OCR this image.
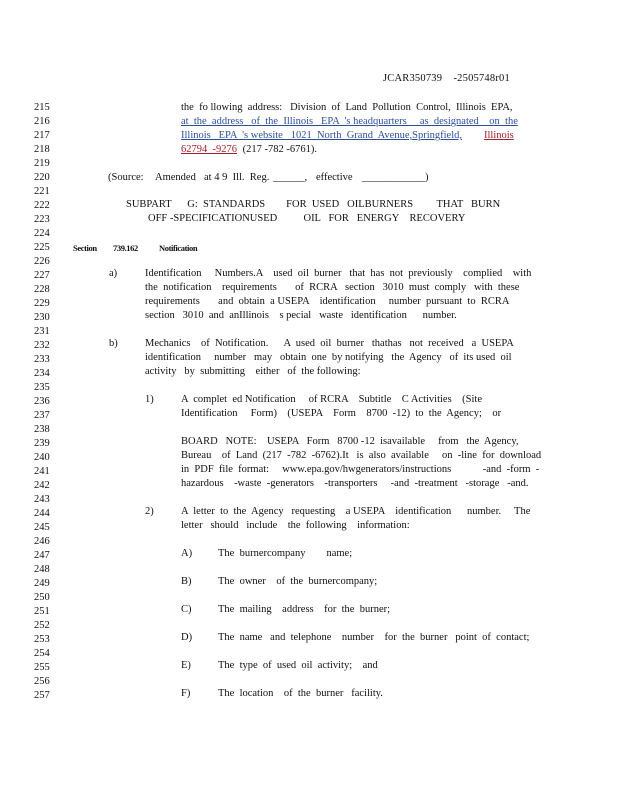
JCAR350739    -2505748r01
215
216
217
218
219
220
221
222
223
224
225
226
227
228
229
230
231
232
233
234
235
236
237
238
239
240
241
242
243
244
245
246
247
248
249
250
251
252
253
254
255
256
257
the  fo llowing  address:   Division  of  Land  Pollution  Control,  Illinois  EPA,
at  the  address   of  the  Illinois   EPA  's headquarters     as  designated    on  the
Illinois   EPA  's website   1021  North  Grand  Avenue,Springfield, Illinois
62794  -9276 (217 -782 -6761).
(Source: Amended at 4 9  Ill.  Reg. ______, effective ____________)
SUBPART      G:  STANDARDS        FOR  USED   OILBURNERS         THAT   BURN
OFF -SPECIFICATIONUSED          OIL   FOR   ENERGY    RECOVERY
Section 739.162 Notification
a)	Identification     Numbers.A    used  oil  burner   that  has  not  previously    complied    with
the  notification    requirements       of  RCRA   section   3010  must  comply   with  these
requirements       and  obtain  a USEPA    identification     number  pursuant  to  RCRA
section   3010  and  anIllinois    s pecial   waste   identification      number.
b)	Mechanics    of  Notification.      A  used  oil  burner   thathas   not  received   a  USEPA
identification     number   may   obtain  one  by notifying   the  Agency   of  its used  oil
activity   by  submitting    either   of  the following:
1)	A  complet  ed Notification     of RCRA    Subtitle    C Activities    (Site
Identification     Form)    (USEPA    Form    8700  -12)  to  the  Agency;    or
BOARD   NOTE:    USEPA   Form   8700 -12  isavailable     from   the  Agency,
Bureau    of  Land  (217  -782  -6762).It   is  also  available     on  -line  for  download
in  PDF  file  format:     www.epa.gov/hwgenerators/instructions            -and  -form  -
hazardous    -waste  -generators    -transporters     -and  -treatment   -storage   -and.
2)	A  letter  to  the  Agency   requesting    a USEPA    identification      number.     The
letter   should   include    the  following    information:
A) The  burnercompany        name;
B)	The  owner    of  the  burnercompany;
C)	The  mailing    address    for  the  burner;
D) The  name   and  telephone    number    for  the  burner   point  of  contact;
E)	The  type  of  used  oil  activity;    and
F)	The  location    of  the  burner   facility.
